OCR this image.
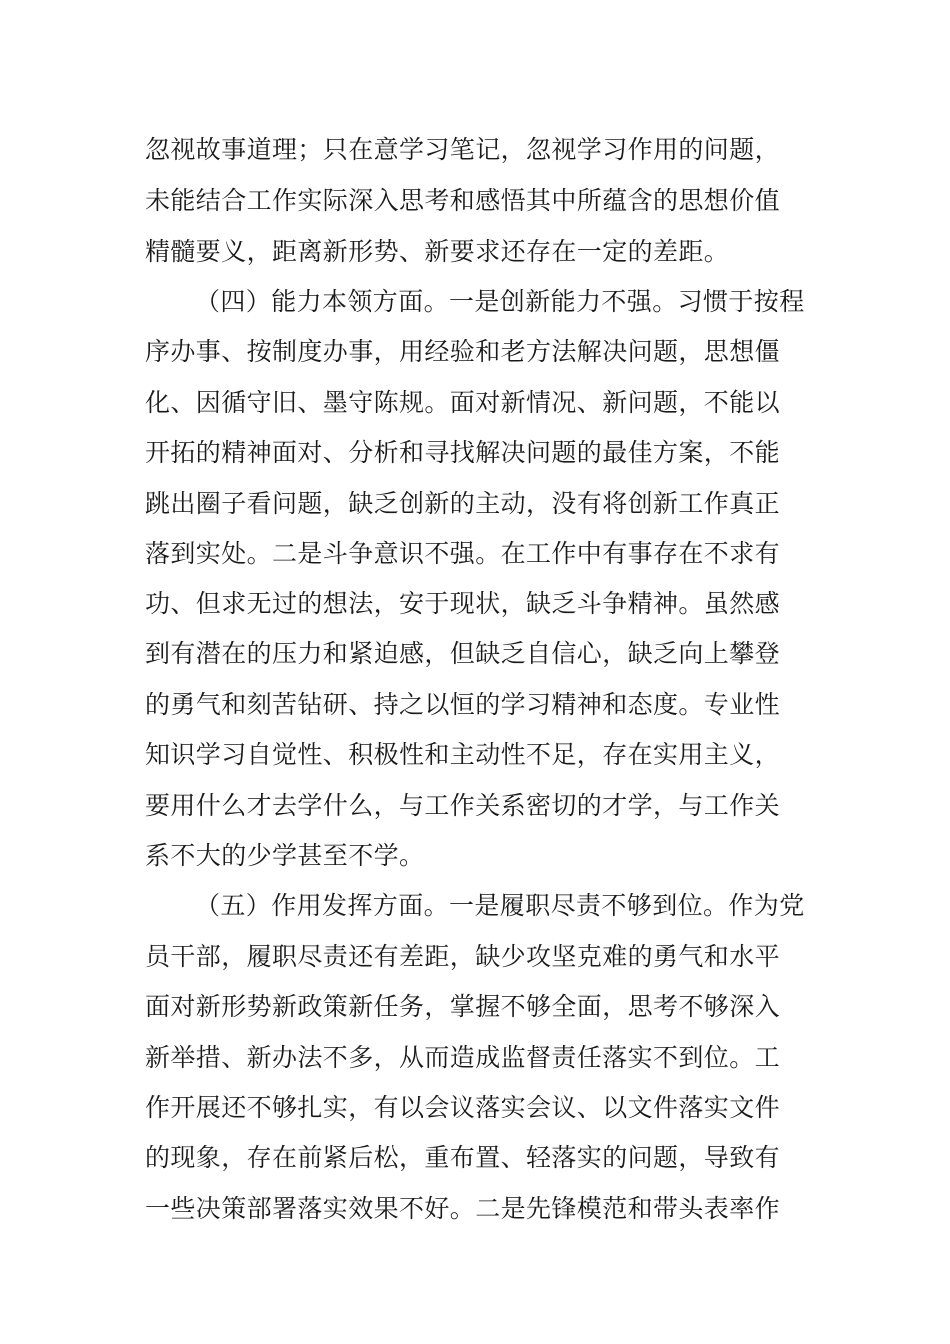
忽视故事道理；只在意学习笔记，忽视学习作用的问题，
未能结合工作实际深入思考和感悟其中所蕴含的思想价值
精髓要义，距离新形势、新要求还存在一定的差距。
（四）能力本领方面。一是创新能力不强。习惯于按程
序办事、按制度办事，用经验和老方法解决问题，思想僵
化、因循守旧、墨守陈规。面对新情况、新问题，不能以
开拓的精神面对、分析和寻找解决问题的最佳方案，不能
跳出圈子看问题，缺乏创新的主动，没有将创新工作真正
落到实处。二是斗争意识不强。在工作中有事存在不求有
功、但求无过的想法，安于现状，缺乏斗争精神。虽然感
到有潜在的压力和紧迫感，但缺乏自信心，缺乏向上攀登
的勇气和刻苦钻研、持之以恒的学习精神和态度。专业性
知识学习自觉性、积极性和主动性不足，存在实用主义，
要用什么才去学什么，与工作关系密切的才学，与工作关
系不大的少学甚至不学。
（五）作用发挥方面。一是履职尽责不够到位。作为党
员干部，履职尽责还有差距，缺少攻坚克难的勇气和水平
面对新形势新政策新任务，掌握不够全面，思考不够深入
新举措、新办法不多，从而造成监督责任落实不到位。工
作开展还不够扎实，有以会议落实会议、以文件落实文件
的现象，存在前紧后松，重布置、轻落实的问题，导致有
一些决策部署落实效果不好。二是先锋模范和带头表率作
